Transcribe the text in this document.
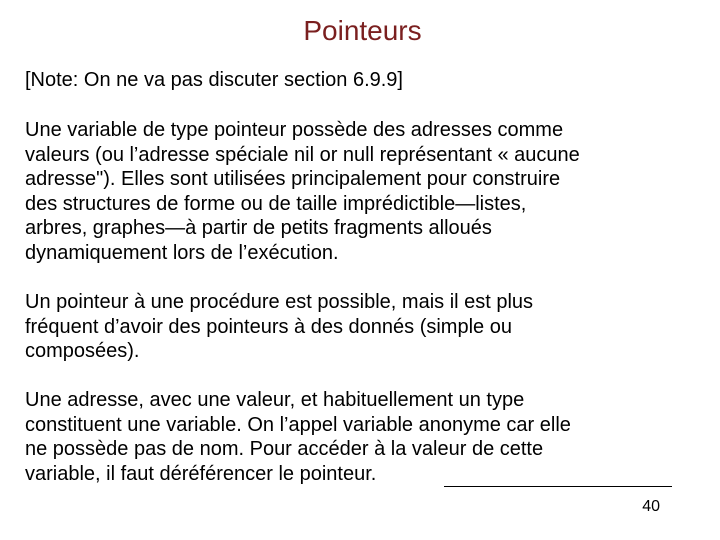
Pointeurs
[Note: On ne va pas discuter section 6.9.9]

Une variable de type pointeur possède des adresses comme
valeurs (ou l’adresse spéciale nil or null représentant « aucune
adresse"). Elles sont utilisées principalement pour construire
des structures de forme ou de taille imprédictible—listes,
arbres, graphes—à partir de petits fragments alloués
dynamiquement lors de l’exécution.

Un pointeur à une procédure est possible, mais il est plus
fréquent d’avoir des pointeurs à des donnés (simple ou
composées).

Une adresse, avec une valeur, et habituellement un type
constituent une variable. On l’appel variable anonyme car elle
ne possède pas de nom. Pour accéder à la valeur de cette
variable, il faut déréférencer le pointeur.

40
